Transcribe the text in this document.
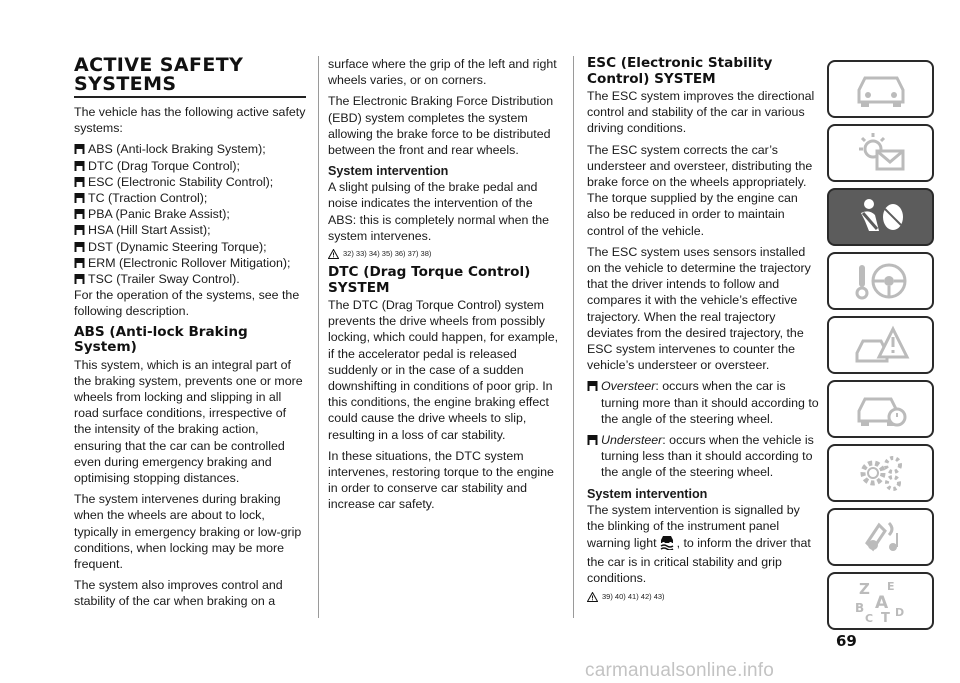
ACTIVE SAFETY
SYSTEMS

The vehicle has the following active safety systems:

ABS (Anti-lock Braking System);
DTC (Drag Torque Control);
ESC (Electronic Stability Control);
TC (Traction Control);
PBA (Panic Brake Assist);
HSA (Hill Start Assist);
DST (Dynamic Steering Torque);
ERM (Electronic Rollover Mitigation);
TSC (Trailer Sway Control).

For the operation of the systems, see the following description.

ABS (Anti-lock Braking System)

This system, which is an integral part of the braking system, prevents one or more wheels from locking and slipping in all road surface conditions, irrespective of the intensity of the braking action, ensuring that the car can be controlled even during emergency braking and optimising stopping distances.

The system intervenes during braking when the wheels are about to lock, typically in emergency braking or low-grip conditions, when locking may be more frequent.

The system also improves control and stability of the car when braking on a

surface where the grip of the left and right wheels varies, or on corners.

The Electronic Braking Force Distribution (EBD) system completes the system allowing the brake force to be distributed between the front and rear wheels.

System intervention

A slight pulsing of the brake pedal and noise indicates the intervention of the ABS: this is completely normal when the system intervenes.

32) 33) 34) 35) 36) 37) 38)
DTC (Drag Torque Control) SYSTEM

The DTC (Drag Torque Control) system prevents the drive wheels from possibly locking, which could happen, for example, if the accelerator pedal is released suddenly or in the case of a sudden downshifting in conditions of poor grip. In this conditions, the engine braking effect could cause the drive wheels to slip, resulting in a loss of car stability.

In these situations, the DTC system intervenes, restoring torque to the engine in order to conserve car stability and increase car safety.

ESC (Electronic Stability Control) SYSTEM

The ESC system improves the directional control and stability of the car in various driving conditions.

The ESC system corrects the car’s understeer and oversteer, distributing the brake force on the wheels appropriately. The torque supplied by the engine can also be reduced in order to maintain control of the vehicle.

The ESC system uses sensors installed on the vehicle to determine the trajectory that the driver intends to follow and compares it with the vehicle’s effective trajectory. When the real trajectory deviates from the desired trajectory, the ESC system intervenes to counter the vehicle’s understeer or oversteer.

Oversteer: occurs when the car is turning more than it should according to the angle of the steering wheel.
Understeer: occurs when the vehicle is turning less than it should according to the angle of the steering wheel.
System intervention

The system intervention is signalled by the blinking of the instrument panel warning light , to inform the driver that the car is in critical stability and grip conditions.

39) 40) 41) 42) 43)	Z E
B A
C T D
69
carmanualsonline.info
